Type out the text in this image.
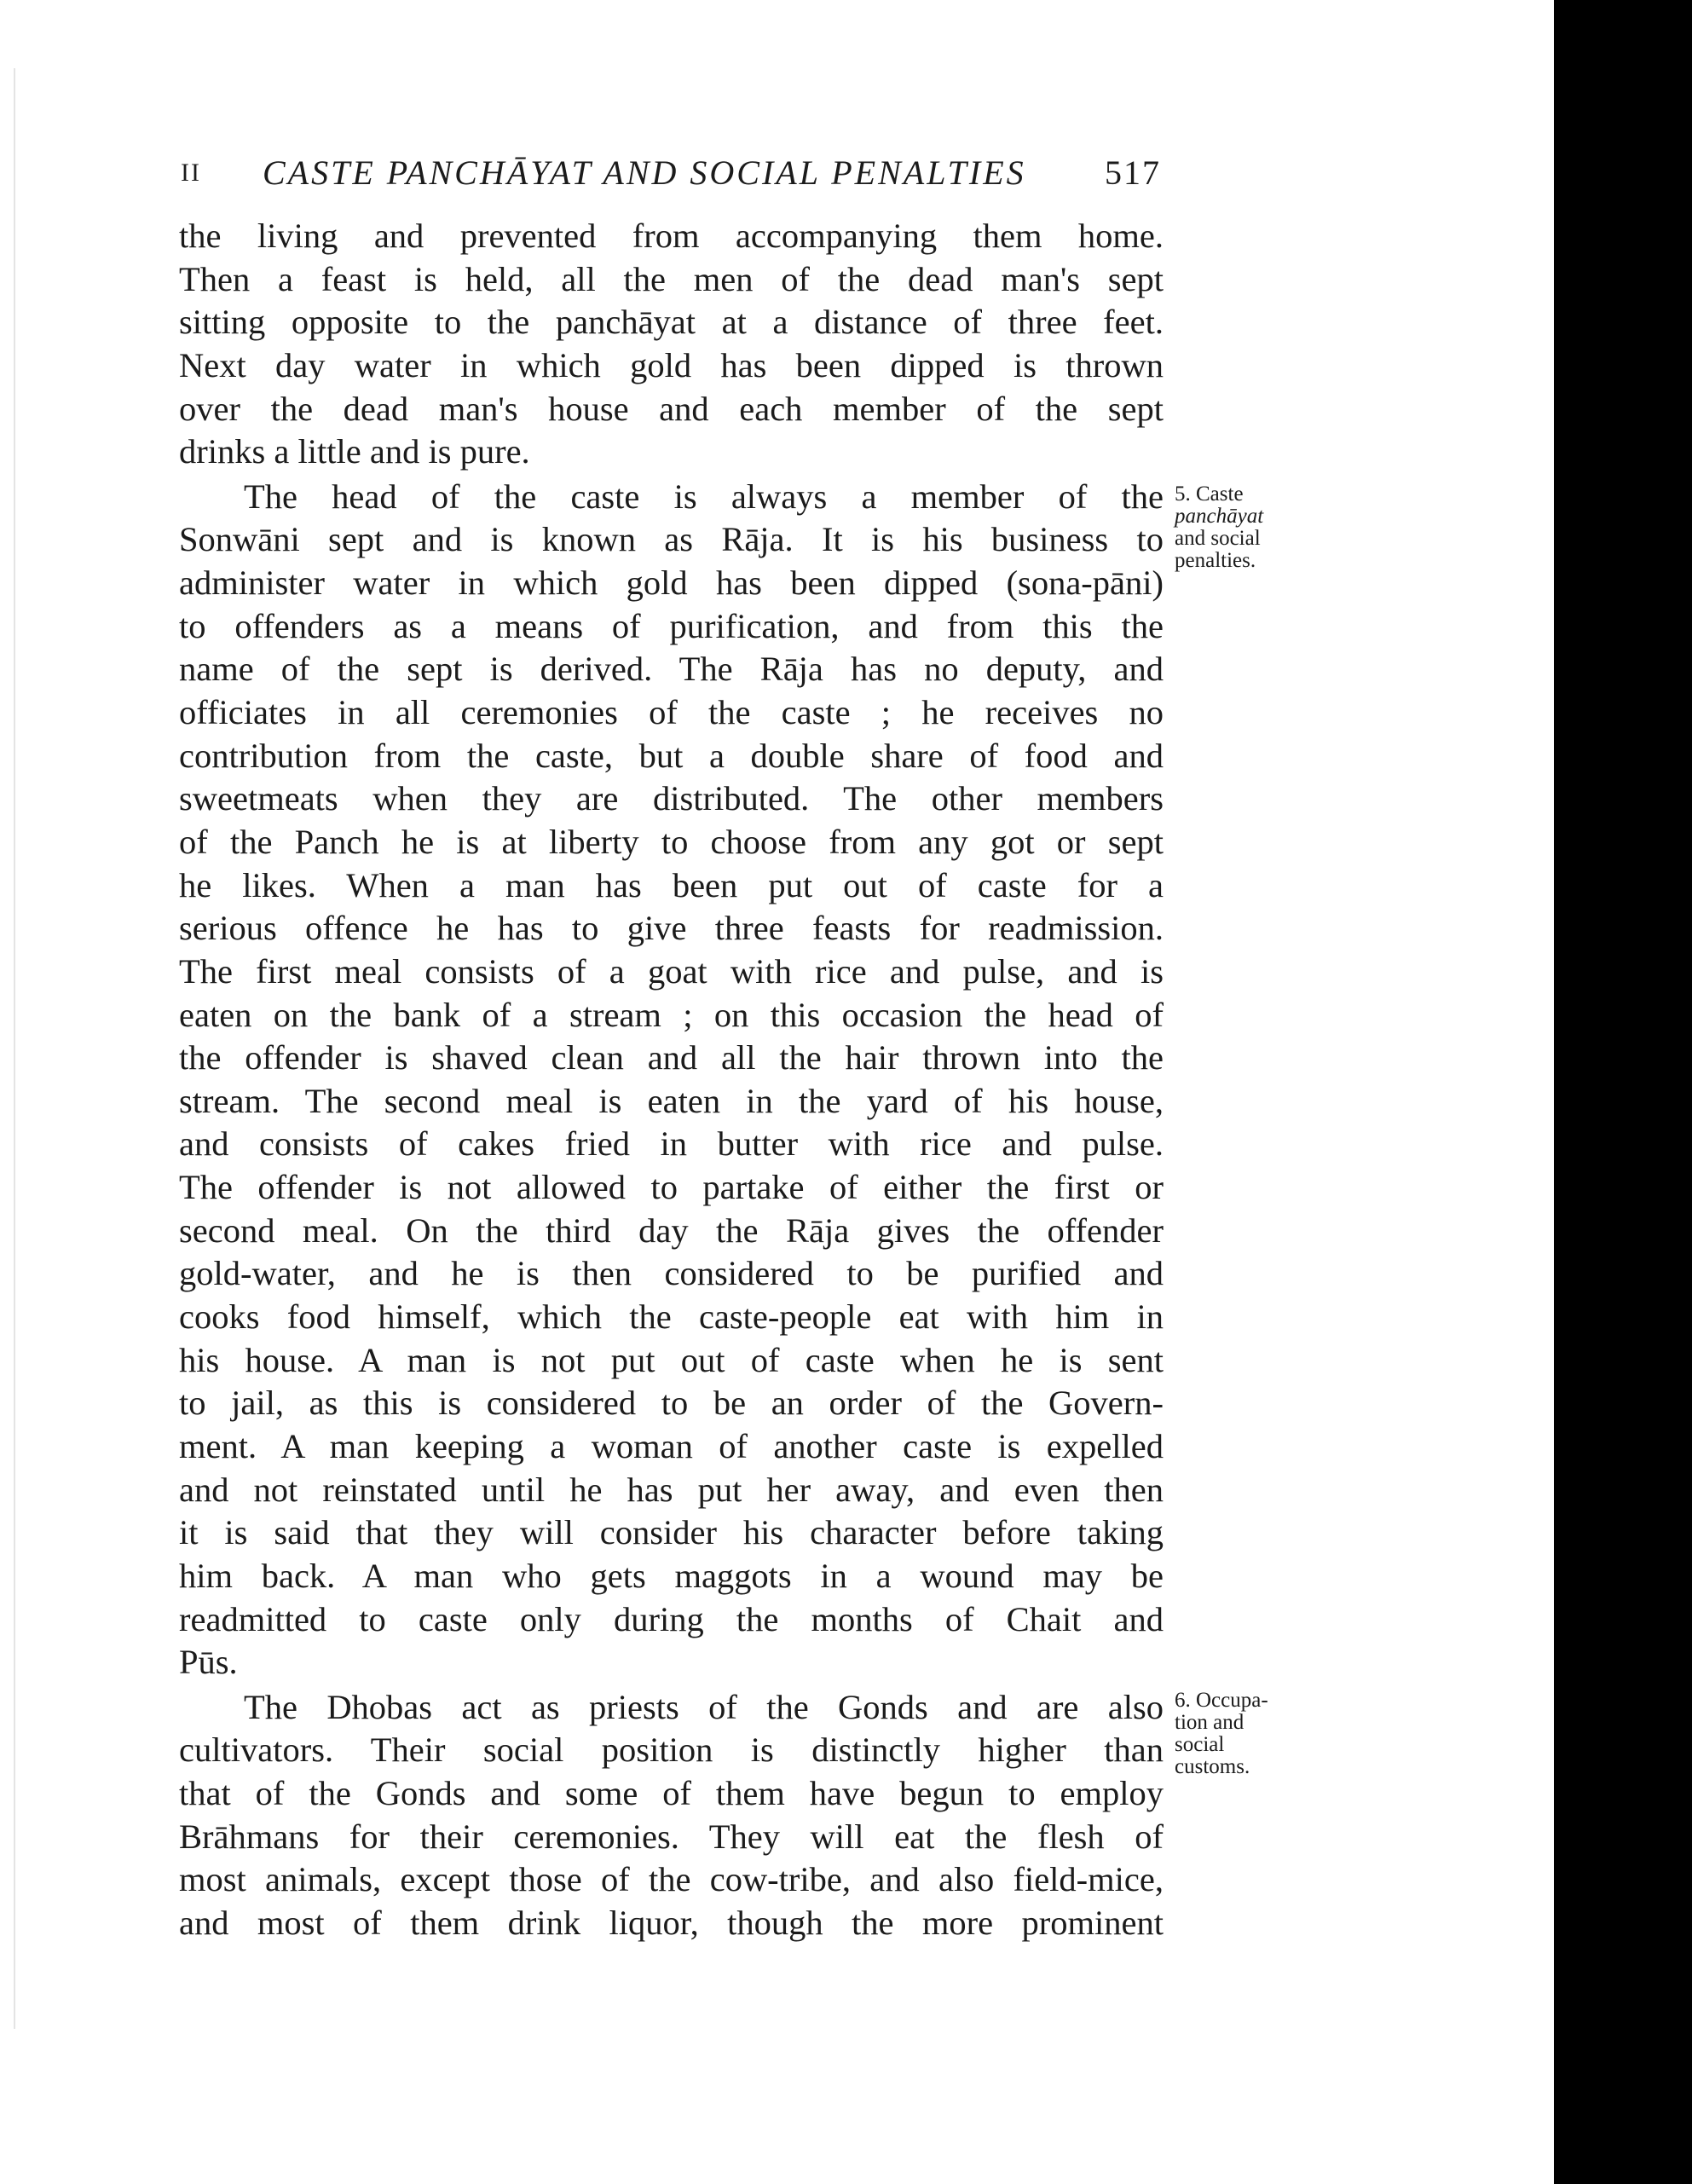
II CASTE PANCHĀYAT AND SOCIAL PENALTIES 517
the living and prevented from accompanying them home.
Then a feast is held, all the men of the dead man's sept
sitting opposite to the panchāyat at a distance of three feet.
Next day water in which gold has been dipped is thrown
over the dead man's house and each member of the sept
drinks a little and is pure.
The head of the caste is always a member of the
Sonwāni sept and is known as Rāja. It is his business to
administer water in which gold has been dipped (sona-pāni)
to offenders as a means of purification, and from this the
name of the sept is derived. The Rāja has no deputy, and
officiates in all ceremonies of the caste ; he receives no
contribution from the caste, but a double share of food and
sweetmeats when they are distributed. The other members
of the Panch he is at liberty to choose from any got or sept
he likes. When a man has been put out of caste for a
serious offence he has to give three feasts for readmission.
The first meal consists of a goat with rice and pulse, and is
eaten on the bank of a stream ; on this occasion the head of
the offender is shaved clean and all the hair thrown into the
stream. The second meal is eaten in the yard of his house,
and consists of cakes fried in butter with rice and pulse.
The offender is not allowed to partake of either the first or
second meal. On the third day the Rāja gives the offender
gold-water, and he is then considered to be purified and
cooks food himself, which the caste-people eat with him in
his house. A man is not put out of caste when he is sent
to jail, as this is considered to be an order of the Govern-
ment. A man keeping a woman of another caste is expelled
and not reinstated until he has put her away, and even then
it is said that they will consider his character before taking
him back. A man who gets maggots in a wound may be
readmitted to caste only during the months of Chait and
Pūs.
The Dhobas act as priests of the Gonds and are also
cultivators. Their social position is distinctly higher than
that of the Gonds and some of them have begun to employ
Brāhmans for their ceremonies. They will eat the flesh of
most animals, except those of the cow-tribe, and also field-mice,
and most of them drink liquor, though the more prominent
5. Caste
panchāyat
and social
penalties.
6. Occupa-
tion and
social
customs.
